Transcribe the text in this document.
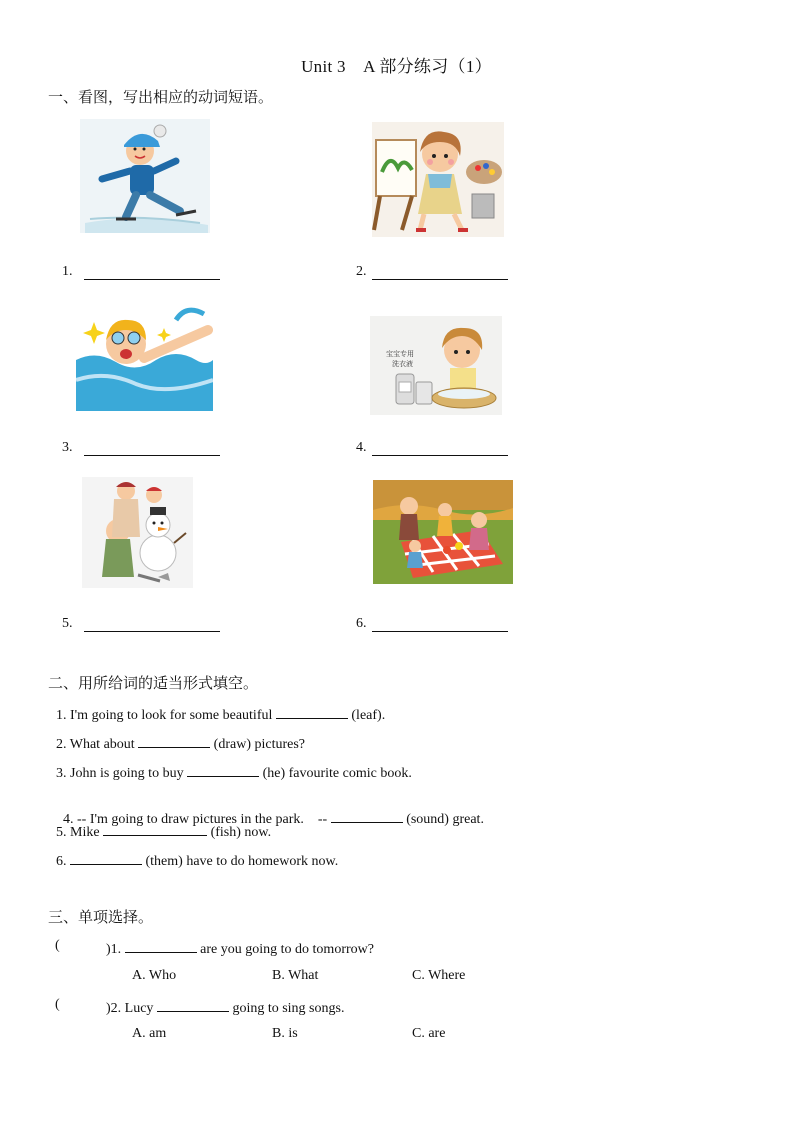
Unit 3　A 部分练习（1）
一、看图，写出相应的动词短语。
1.	2.
宝宝专用
洗衣液
3.	4.
5.	6.
二、用所给词的适当形式填空。
1. I'm going to look for some beautiful	(leaf).
2. What about	(draw) pictures?
3. John is going to buy	(he) favourite comic book.

4. -- I'm going to draw pictures in the park.    --	(sound) great.

5. Mike	(fish) now.
6.	(them) have to do homework now.
三、单项选择。
(	)1.	are you going to do tomorrow?
A. Who	B. What	C. Where
(	)2. Lucy	going to sing songs.
A. am	B. is	C. are
